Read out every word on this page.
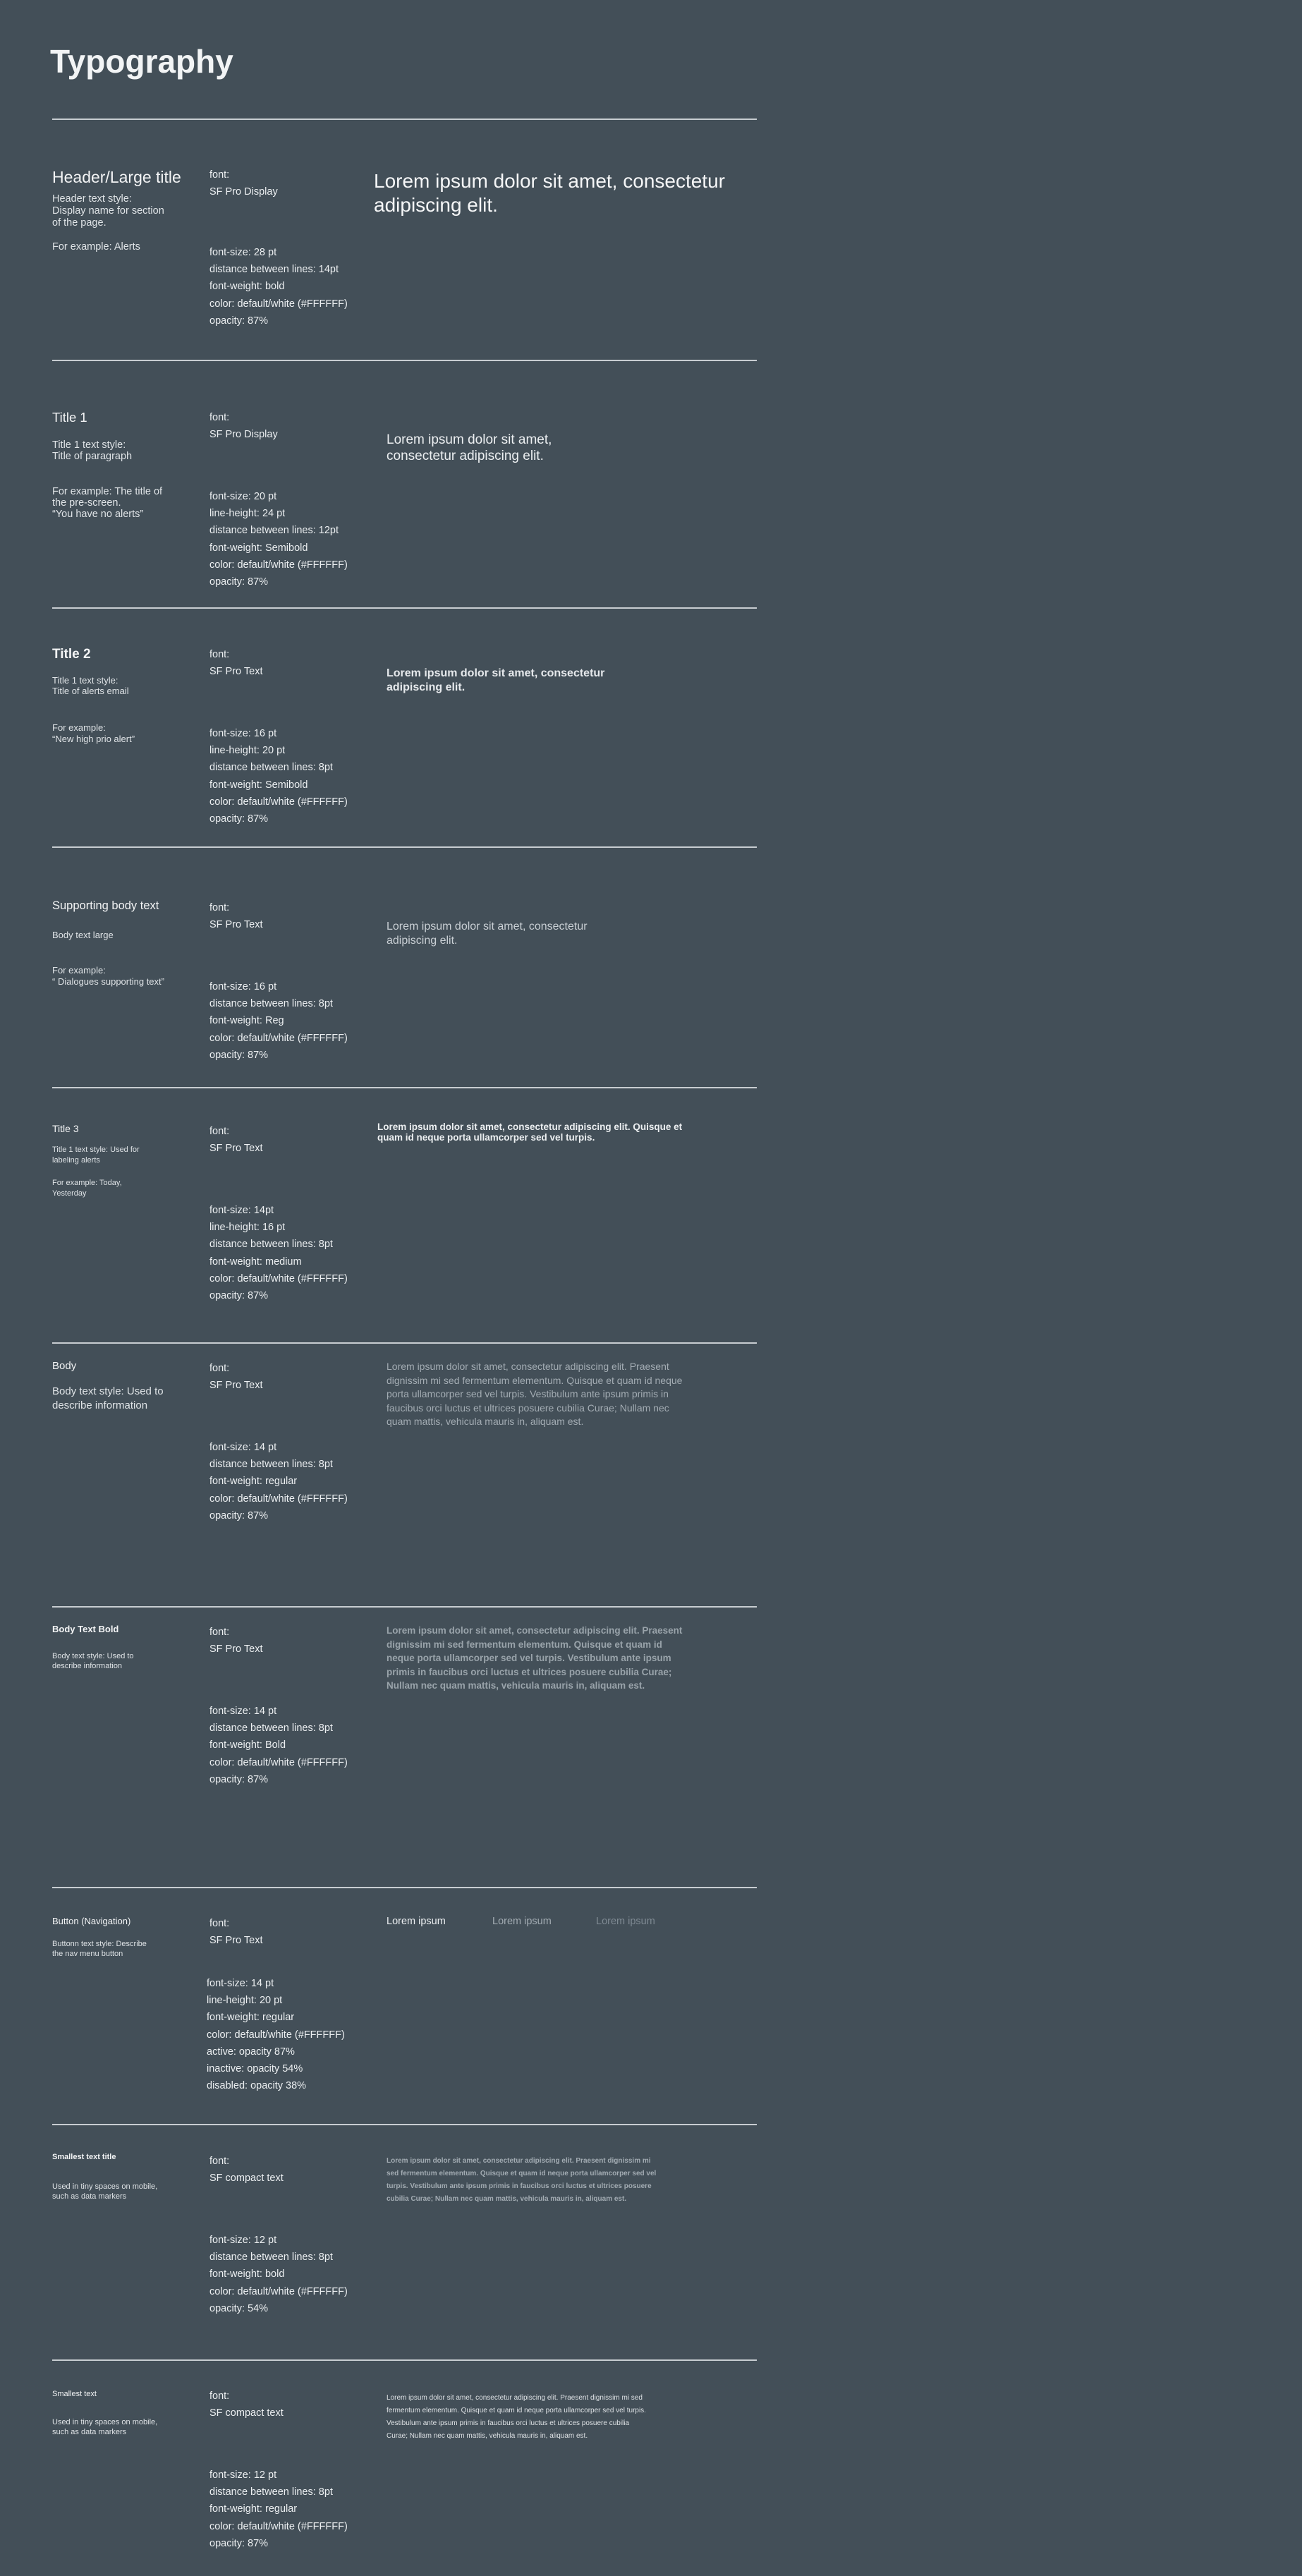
Typography
Header/Large title
Header text style:
Display name for section
of the page.
For example: Alerts
font:
SF Pro Display
font-size: 28 pt
distance between lines: 14pt
font-weight: bold
color: default/white (#FFFFFF)
opacity: 87%
Lorem ipsum dolor sit amet, consectetur
adipiscing elit.
Title 1
Title 1 text style:
Title of paragraph
For example: The title of
the pre-screen.
“You have no alerts”
font:
SF Pro Display
font-size: 20 pt
line-height: 24 pt
distance between lines: 12pt
font-weight: Semibold
color: default/white (#FFFFFF)
opacity: 87%
Lorem ipsum dolor sit amet,
consectetur adipiscing elit.
Title 2
Title 1 text style:
Title of alerts email
For example:
“New high prio alert”
font:
SF Pro Text
font-size: 16 pt
line-height: 20 pt
distance between lines: 8pt
font-weight: Semibold
color: default/white (#FFFFFF)
opacity: 87%
Lorem ipsum dolor sit amet, consectetur
adipiscing elit.
Supporting body text
Body text large
For example:
“ Dialogues supporting text”
font:
SF Pro Text
font-size: 16 pt
distance between lines: 8pt
font-weight: Reg
color: default/white (#FFFFFF)
opacity: 87%
Lorem ipsum dolor sit amet, consectetur
adipiscing elit.
Title 3
Title 1 text style: Used for
labeling alerts
For example: Today,
Yesterday
font:
SF Pro Text
font-size: 14pt
line-height: 16 pt
distance between lines: 8pt
font-weight: medium
color: default/white (#FFFFFF)
opacity: 87%
Lorem ipsum dolor sit amet, consectetur adipiscing elit. Quisque et
quam id neque porta ullamcorper sed vel turpis.
Body
Body text style: Used to
describe information
font:
SF Pro Text
font-size: 14 pt
distance between lines: 8pt
font-weight: regular
color: default/white (#FFFFFF)
opacity: 87%
Lorem ipsum dolor sit amet, consectetur adipiscing elit. Praesent
dignissim mi sed fermentum elementum. Quisque et quam id neque
porta ullamcorper sed vel turpis. Vestibulum ante ipsum primis in
faucibus orci luctus et ultrices posuere cubilia Curae; Nullam nec
quam mattis, vehicula mauris in, aliquam est.
Body Text Bold
Body text style: Used to
describe information
font:
SF Pro Text
font-size: 14 pt
distance between lines: 8pt
font-weight: Bold
color: default/white (#FFFFFF)
opacity: 87%
Lorem ipsum dolor sit amet, consectetur adipiscing elit. Praesent
dignissim mi sed fermentum elementum. Quisque et quam id
neque porta ullamcorper sed vel turpis. Vestibulum ante ipsum
primis in faucibus orci luctus et ultrices posuere cubilia Curae;
Nullam nec quam mattis, vehicula mauris in, aliquam est.
Button (Navigation)
Buttonn text style: Describe
the nav menu button
font:
SF Pro Text
font-size: 14 pt
line-height: 20 pt
font-weight: regular
color: default/white (#FFFFFF)
active: opacity 87%
inactive: opacity 54%
disabled: opacity 38%
Lorem ipsum	Lorem ipsum	Lorem ipsum
Smallest text title
Used in tiny spaces on mobile,
such as data markers
font:
SF compact text
font-size: 12 pt
distance between lines: 8pt
font-weight: bold
color: default/white (#FFFFFF)
opacity: 54%
Lorem ipsum dolor sit amet, consectetur adipiscing elit. Praesent dignissim mi
sed fermentum elementum. Quisque et quam id neque porta ullamcorper sed vel
turpis. Vestibulum ante ipsum primis in faucibus orci luctus et ultrices posuere
cubilia Curae; Nullam nec quam mattis, vehicula mauris in, aliquam est.
Smallest text
Used in tiny spaces on mobile,
such as data markers
font:
SF compact text
font-size: 12 pt
distance between lines: 8pt
font-weight: regular
color: default/white (#FFFFFF)
opacity: 87%
Lorem ipsum dolor sit amet, consectetur adipiscing elit. Praesent dignissim mi sed
fermentum elementum. Quisque et quam id neque porta ullamcorper sed vel turpis.
Vestibulum ante ipsum primis in faucibus orci luctus et ultrices posuere cubilia
Curae; Nullam nec quam mattis, vehicula mauris in, aliquam est.
